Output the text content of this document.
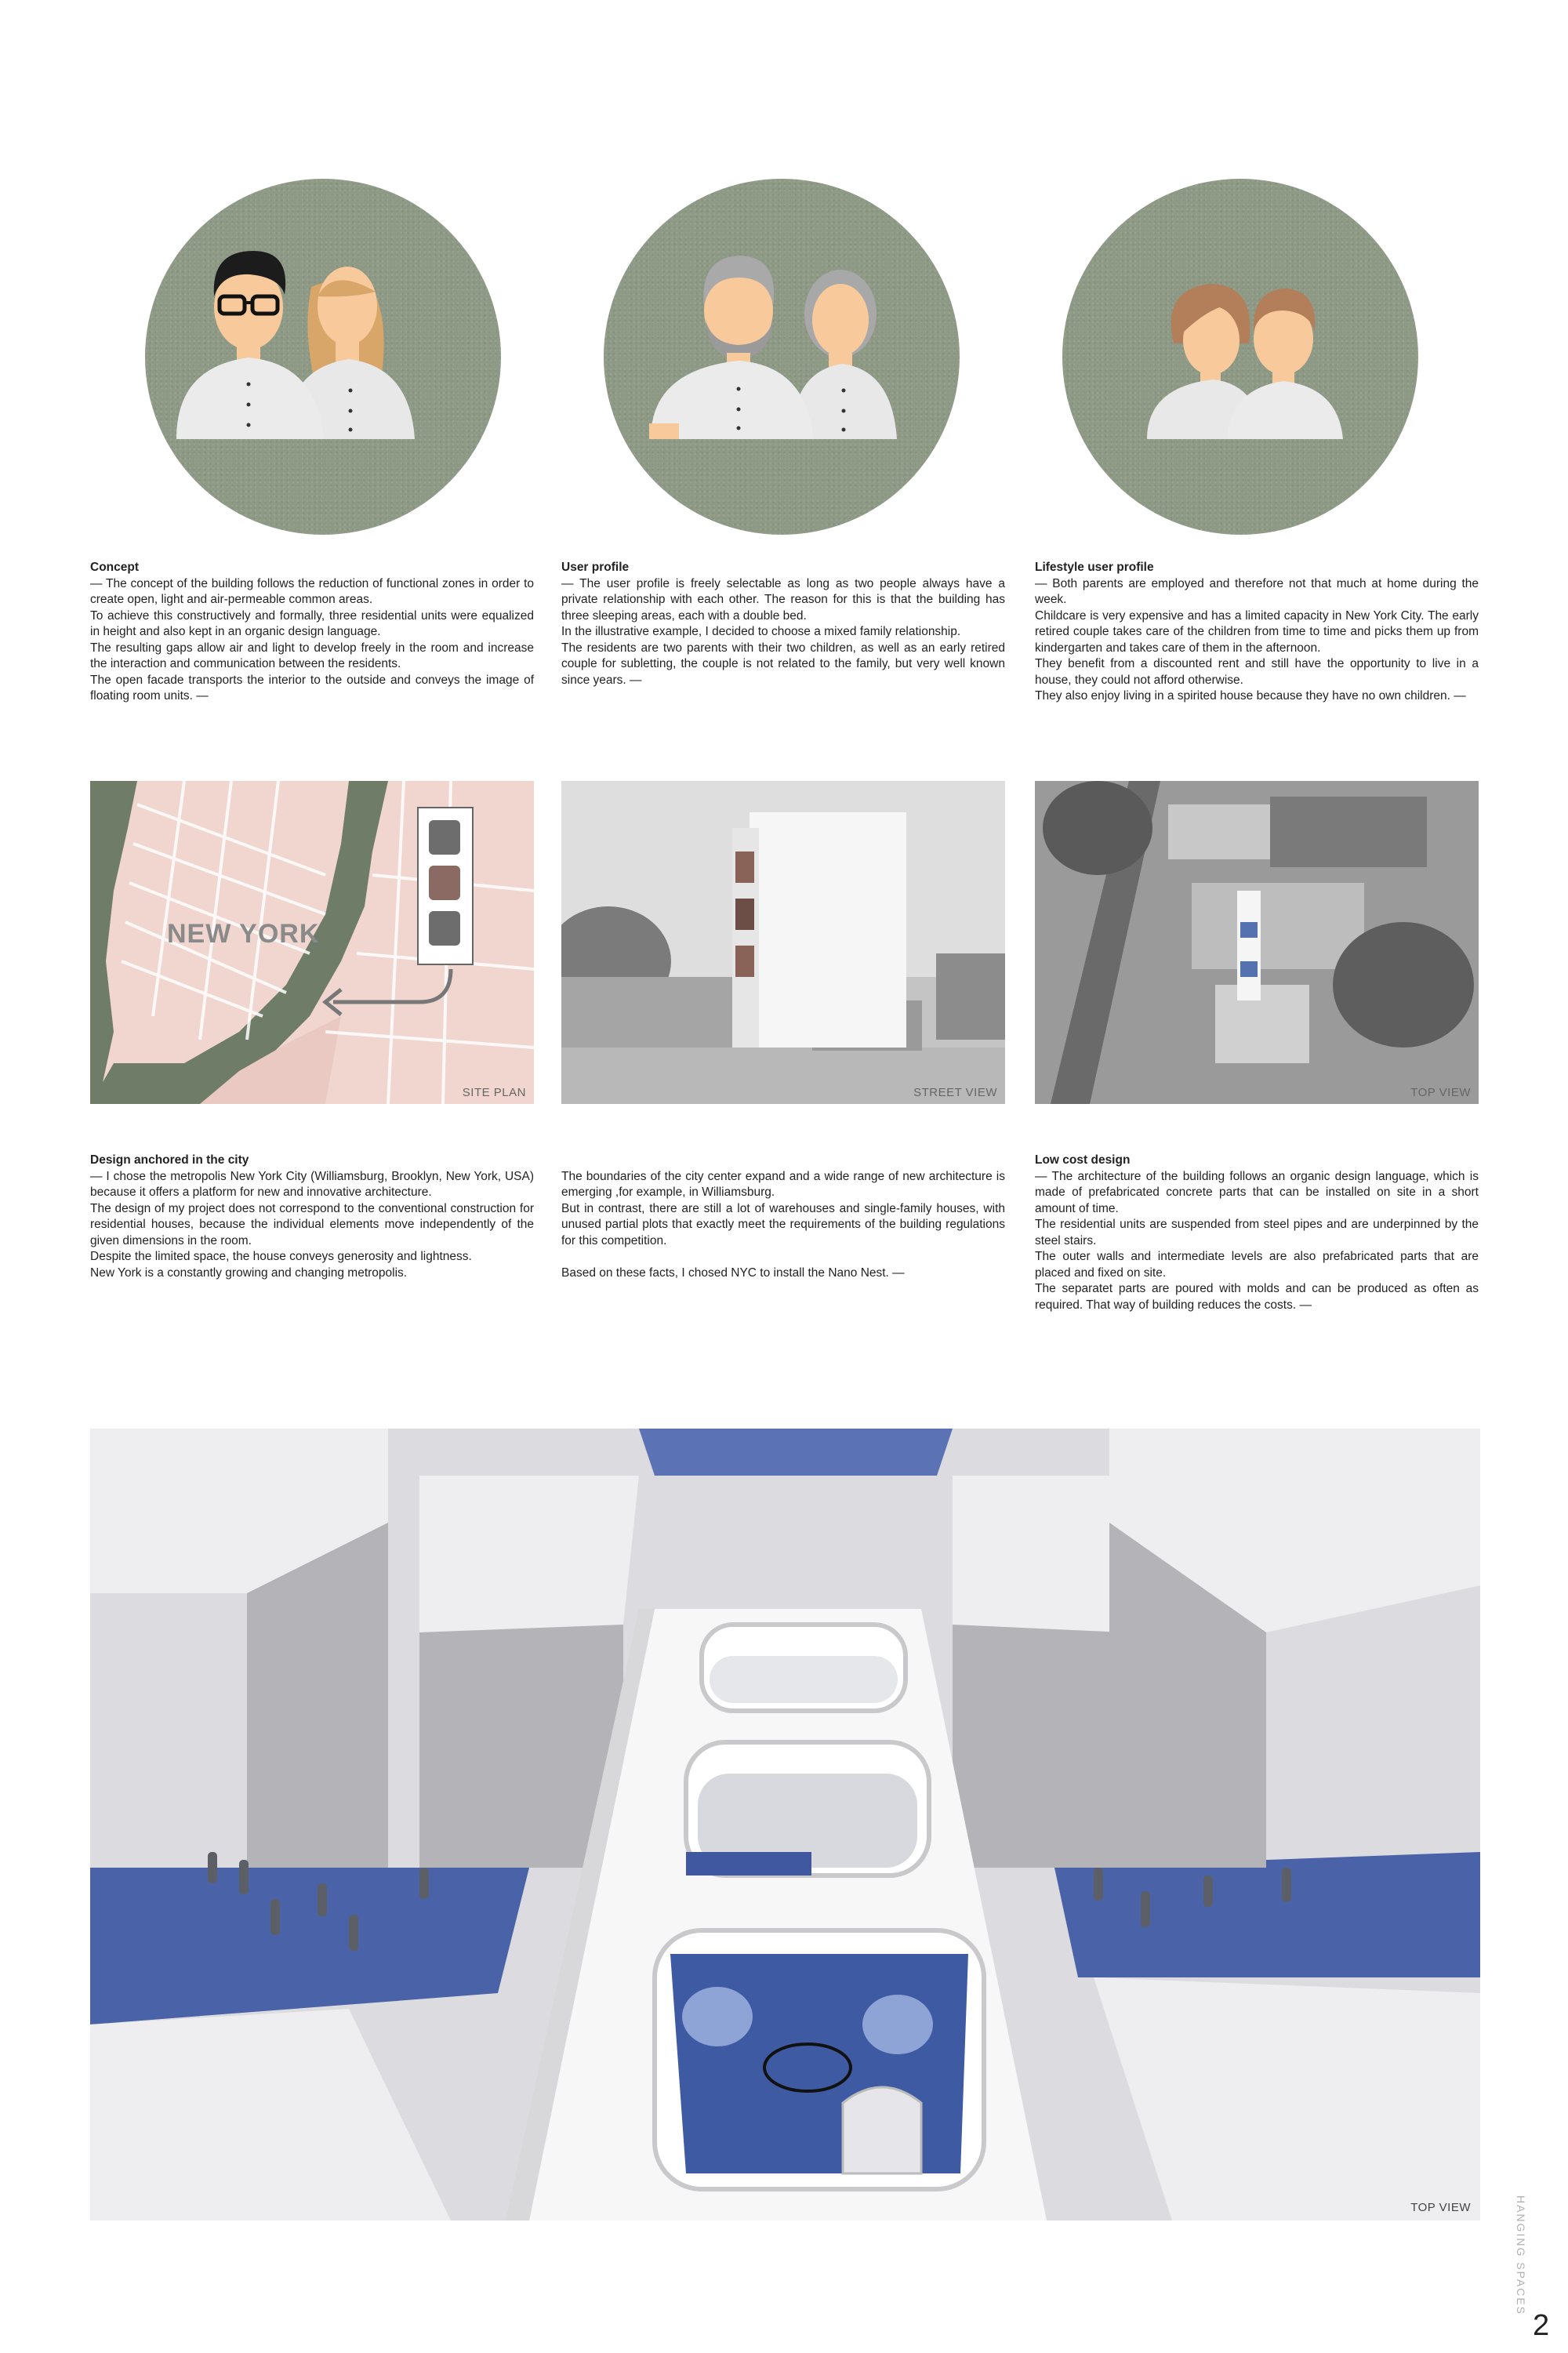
Concept

— The concept of the building follows the reduction of functional zones in order to create open, light and air-permeable common areas.
To achieve this constructively and formally, three residential units were equalized in height and also kept in an organic design language.
The resulting gaps allow air and light to develop freely in the room and increase the interaction and communication between the residents.
The open facade transports the interior to the outside and conveys the image of floating room units. —

User profile

— The user profile is freely selectable as long as two people always have a private relationship with each other. The reason for this is that the building has three sleeping areas, each with a double bed.
In the illustrative example, I decided to choose a mixed family relationship.
The residents are two parents with their two children, as well as an early retired couple for subletting, the couple is not related to the family, but very well known since years. —

Lifestyle user profile

— Both parents are employed and therefore not that much at home during the week.
Childcare is very expensive and has a limited capacity in New York City. The early retired couple takes care of the children from time to time and picks them up from kindergarten and takes care of them in the afternoon.
They benefit from a discounted rent and still have the opportunity to live in a house, they could not afford otherwise.
They also enjoy living in a spirited house because they have no own children. —

NEW YORK
SITE PLAN	STREET VIEW	TOP VIEW
Design anchored in the city

— I chose the metropolis New York City (Williamsburg, Brooklyn, New York, USA) because it offers a platform for new and innovative architecture.
The design of my project does not correspond to the conventional construction for residential houses, because the individual elements move independently of the given dimensions in the room.
Despite the limited space, the house conveys generosity and lightness.
New York is a constantly growing and changing metropolis.

The boundaries of the city center expand and a wide range of new architecture is emerging ,for example, in Williamsburg.
But in contrast, there are still a lot of warehouses and single-family houses, with unused partial plots that exactly meet the requirements of the building regulations for this competition.

Based on these facts, I chosed NYC to install the Nano Nest. —

Low cost design

— The architecture of the building follows an organic design language, which is made of prefabricated concrete parts that can be installed on site in a short amount of time.
The residential units are suspended from steel pipes and are underpinned by the steel stairs.
The outer walls and intermediate levels are also prefabricated parts that are placed and fixed on site.
The separatet parts are poured with molds and can be produced as often as required. That way of building reduces the costs. —

TOP VIEW	HANGING SPACES
2
